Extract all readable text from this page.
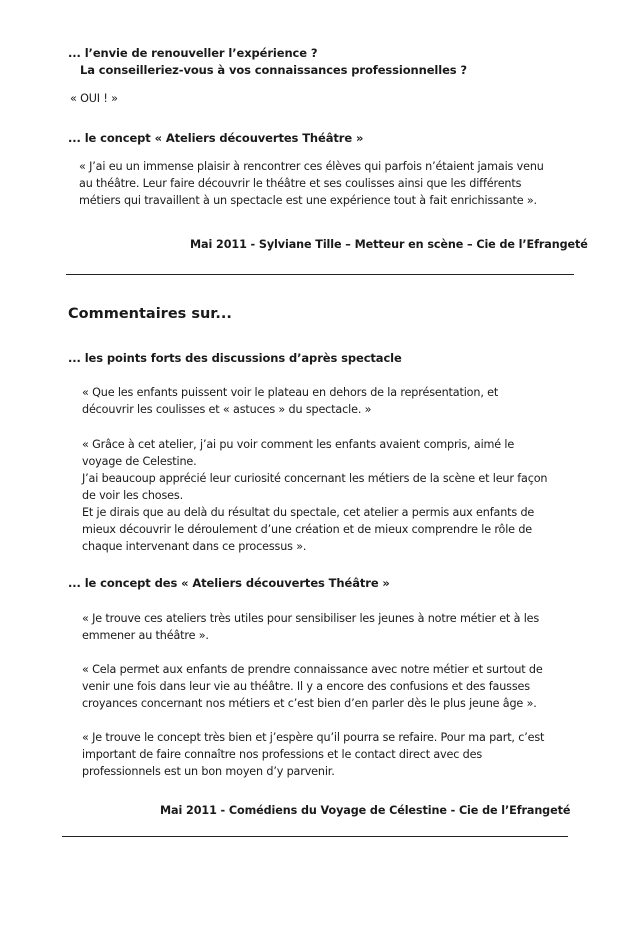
... l’envie de renouveller l’expérience ?
La conseilleriez-vous à vos connaissances professionnelles ?
« OUI ! »
... le concept « Ateliers découvertes Théâtre »
« J’ai eu un immense plaisir à rencontrer ces élèves qui parfois n’étaient jamais venu
au théâtre. Leur faire découvrir le théâtre et ses coulisses ainsi que les différents
métiers qui travaillent à un spectacle est une expérience tout à fait enrichissante ».
Mai 2011 - Sylviane Tille – Metteur en scène – Cie de l’Efrangeté
Commentaires sur...
... les points forts des discussions d’après spectacle
« Que les enfants puissent voir le plateau en dehors de la représentation, et
découvrir les coulisses et « astuces » du spectacle. »
« Grâce à cet atelier, j’ai pu voir comment les enfants avaient compris, aimé le
voyage de Celestine.
J’ai beaucoup apprécié leur curiosité concernant les métiers de la scène et leur façon
de voir les choses.
Et je dirais que au delà du résultat du spectale, cet atelier a permis aux enfants de
mieux découvrir le déroulement d’une création et de mieux comprendre le rôle de
chaque intervenant dans ce processus ».
... le concept des « Ateliers découvertes Théâtre »
« Je trouve ces ateliers très utiles pour sensibiliser les jeunes à notre métier et à les
emmener au théâtre ».
« Cela permet aux enfants de prendre connaissance avec notre métier et surtout de
venir une fois dans leur vie au théâtre. Il y a encore des confusions et des fausses
croyances concernant nos métiers et c’est bien d’en parler dès le plus jeune âge ».
« Je trouve le concept très bien et j’espère qu’il pourra se refaire. Pour ma part, c’est
important de faire connaître nos professions et le contact direct avec des
professionnels est un bon moyen d’y parvenir.
Mai 2011 - Comédiens du Voyage de Célestine - Cie de l’Efrangeté
